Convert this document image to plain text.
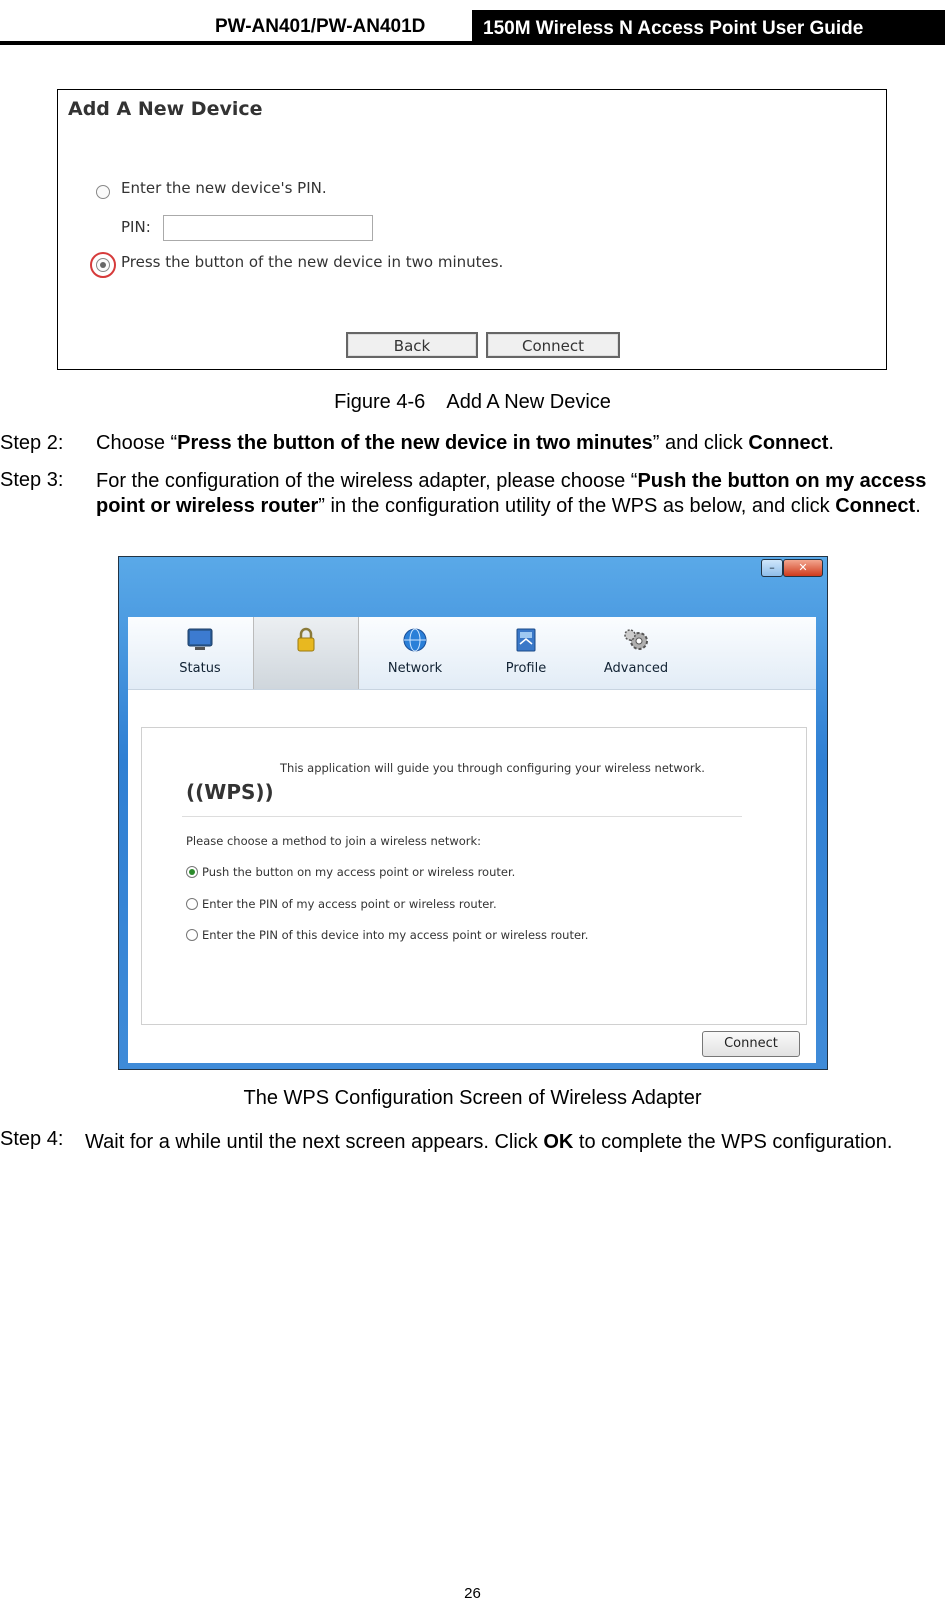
PW-AN401/PW-AN401D	150M Wireless N Access Point User Guide
Add A New Device
Enter the new device's PIN.
PIN:
Press the button of the new device in two minutes.
Back	Connect
Figure 4-6    Add A New Device
Step 2: Choose “Press the button of the new device in two minutes” and click Connect.
Step 3: For the configuration of the wireless adapter, please choose “Push the button on my access point or wireless router” in the configuration utility of the WPS as below, and click Connect.
–	✕
Status	Network	Profile	Advanced
((WPS))
This application will guide you through configuring your wireless network.
Please choose a method to join a wireless network:
Push the button on my access point or wireless router.
Enter the PIN of my access point or wireless router.
Enter the PIN of this device into my access point or wireless router.
Connect
The WPS Configuration Screen of Wireless Adapter
Step 4: Wait for a while until the next screen appears. Click OK to complete the WPS configuration.
26
